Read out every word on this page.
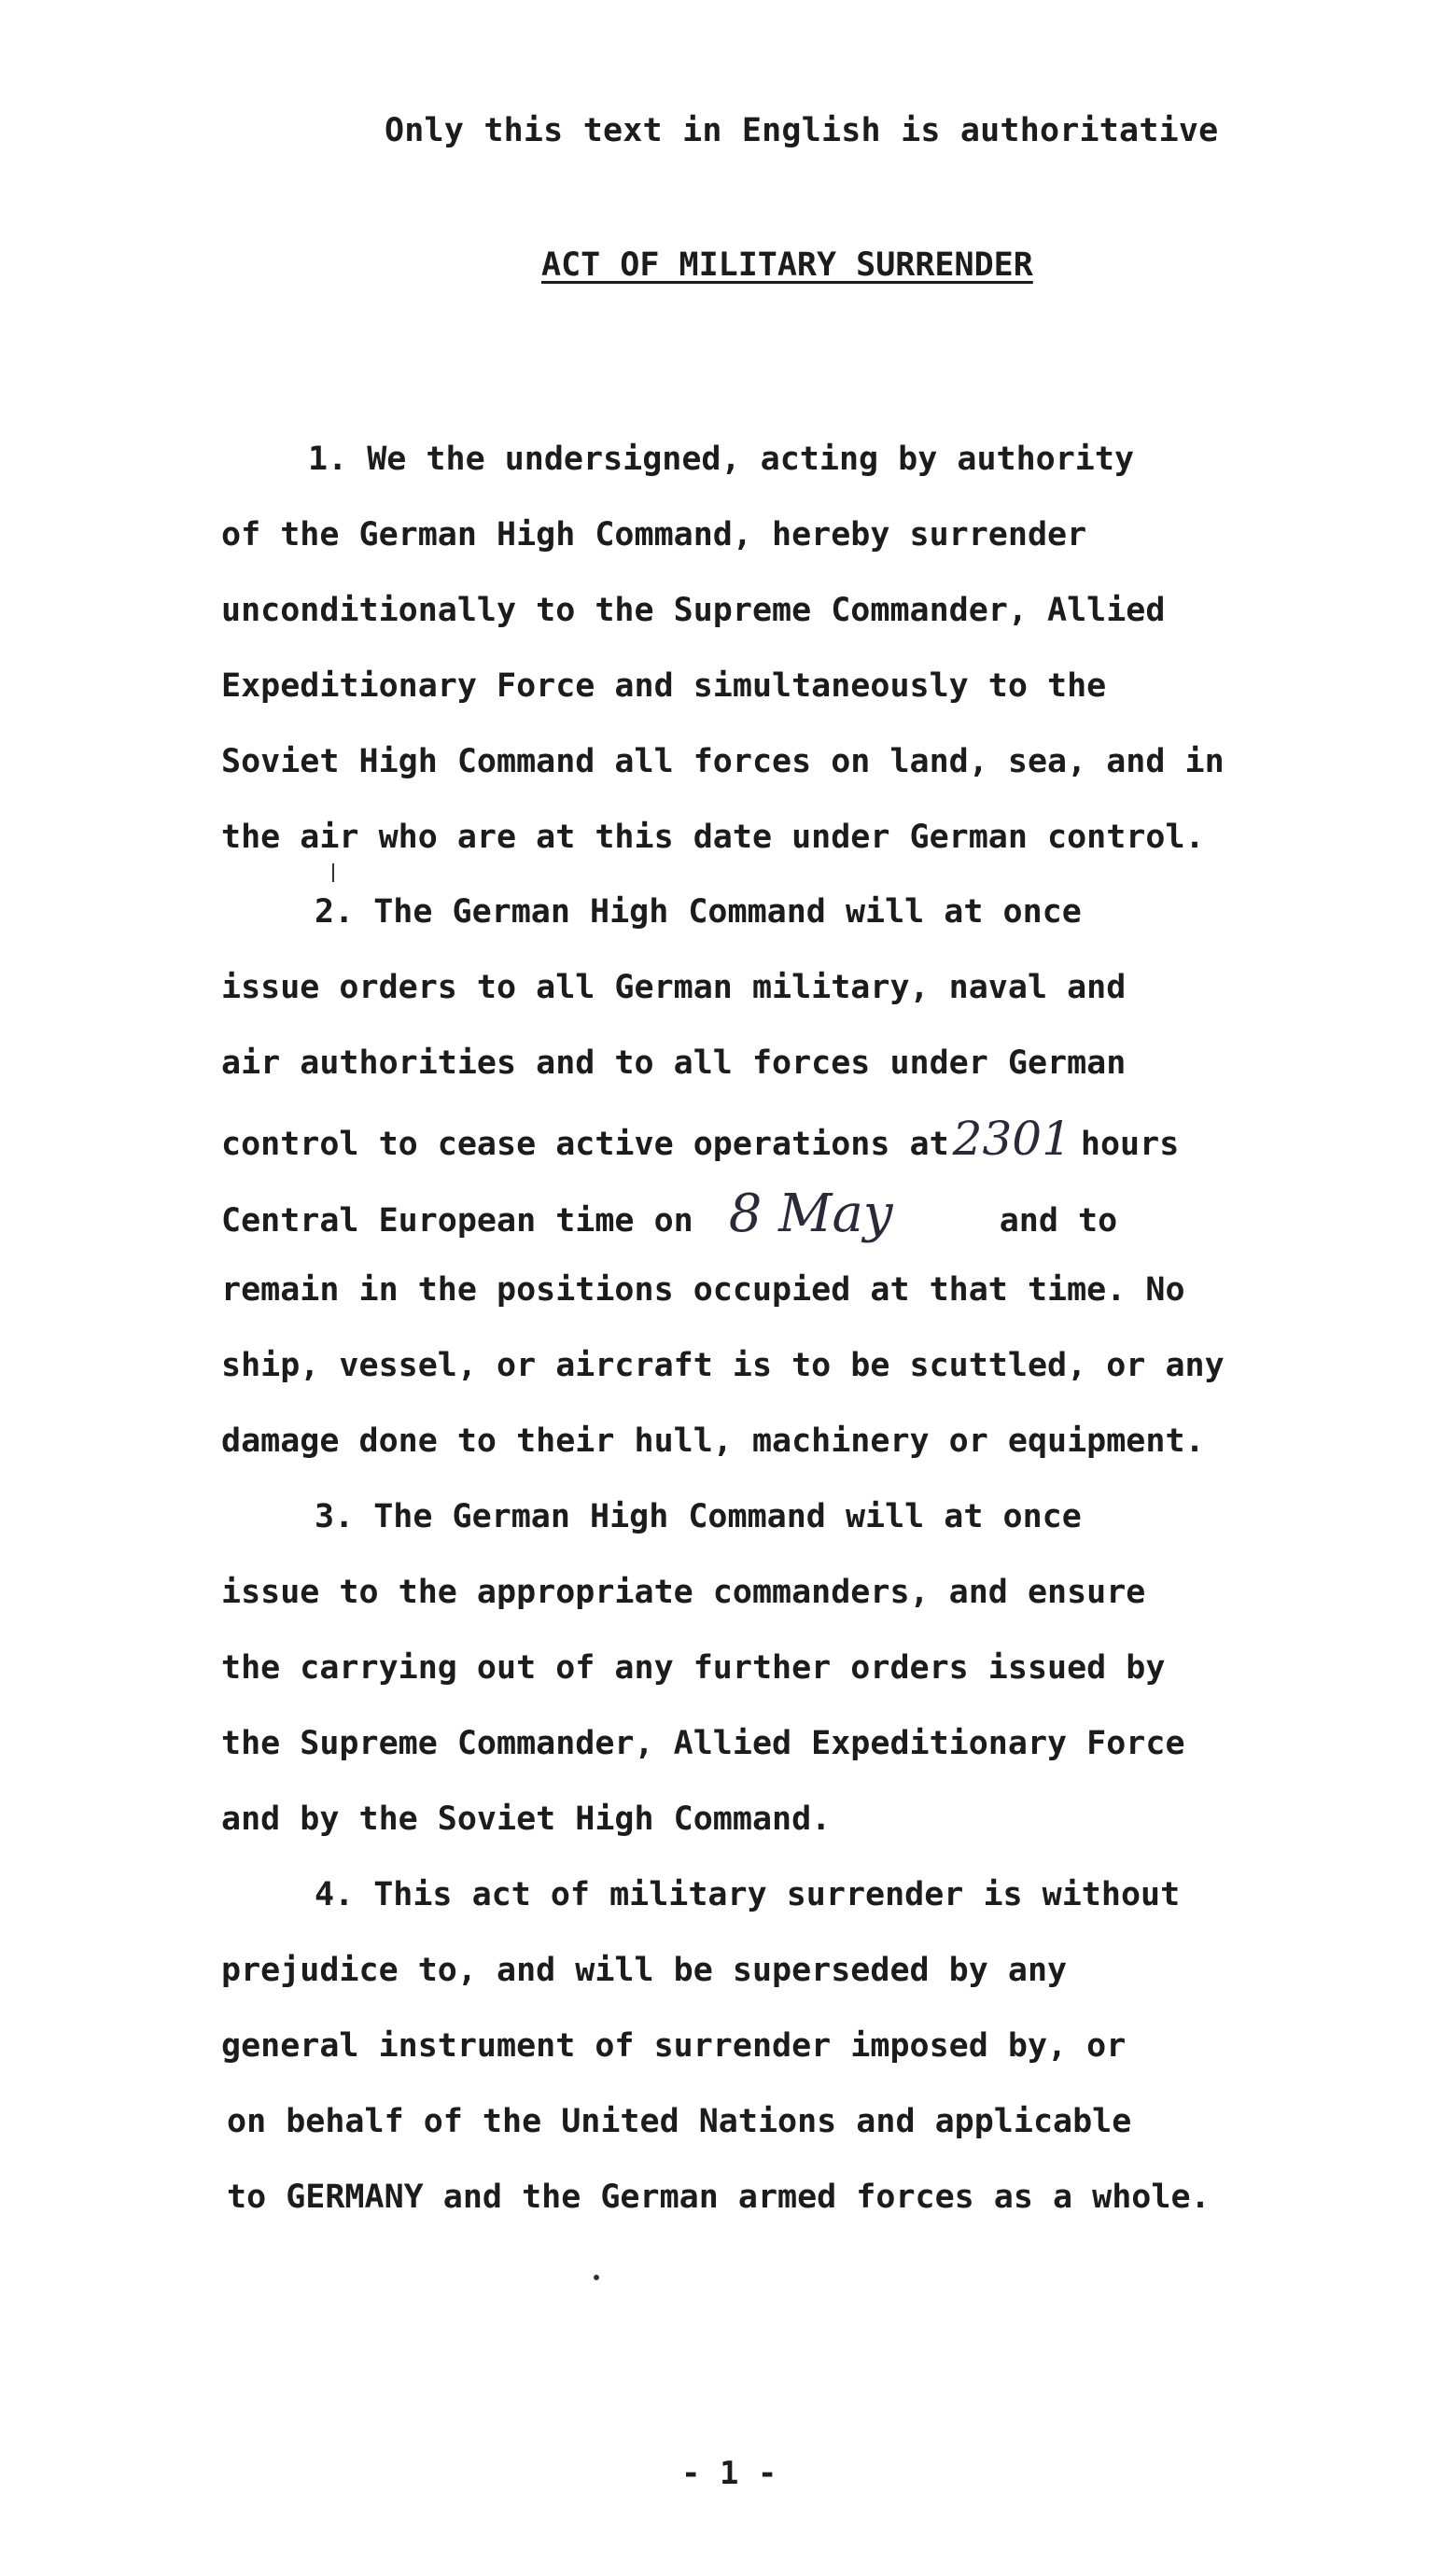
Only this text in English is authoritative
ACT OF MILITARY SURRENDER
1. We the undersigned, acting by authority
of the German High Command, hereby surrender
unconditionally to the Supreme Commander, Allied
Expeditionary Force and simultaneously to the
Soviet High Command all forces on land, sea, and in
the air who are at this date under German control.
2. The German High Command will at once
issue orders to all German military, naval and
air authorities and to all forces under German
control to cease active operations at2301 hours
Central European time on 8 May	and to
remain in the positions occupied at that time. No
ship, vessel, or aircraft is to be scuttled, or any
damage done to their hull, machinery or equipment.
3. The German High Command will at once
issue to the appropriate commanders, and ensure
the carrying out of any further orders issued by
the Supreme Commander, Allied Expeditionary Force
and by the Soviet High Command.
4. This act of military surrender is without
prejudice to, and will be superseded by any
general instrument of surrender imposed by, or
on behalf of the United Nations and applicable
to GERMANY and the German armed forces as a whole.
- 1 -
